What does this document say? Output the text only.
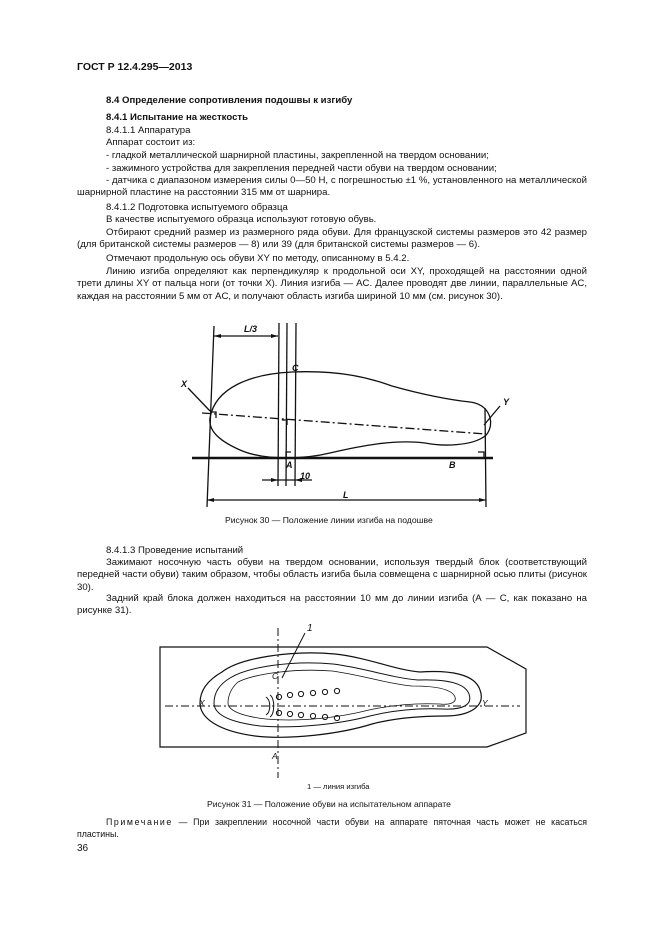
ГОСТ Р 12.4.295—2013
8.4 Определение сопротивления подошвы к изгибу
8.4.1 Испытание на жесткость
8.4.1.1 Аппаратура
Аппарат состоит из:
- гладкой металлической шарнирной пластины, закрепленной на твердом основании;
- зажимного устройства для закрепления передней части обуви на твердом основании;
- датчика с диапазоном измерения силы 0—50 Н, с погрешностью ±1 %, установленного на металлической шарнирной пластине на расстоянии 315 мм от шарнира.
8.4.1.2 Подготовка испытуемого образца
В качестве испытуемого образца используют готовую обувь.
Отбирают средний размер из размерного ряда обуви. Для французской системы размеров это 42 размер (для британской системы размеров — 8) или 39 (для британской системы размеров — 6).
Отмечают продольную ось обуви XY по методу, описанному в 5.4.2.
Линию изгиба определяют как перпендикуляр к продольной оси XY, проходящей на расстоянии одной трети длины XY от пальца ноги (от точки X). Линия изгиба — AC. Далее проводят две линии, параллельные AC, каждая на расстоянии 5 мм от AC, и получают область изгиба шириной 10 мм (см. рисунок 30).
L/3
C
X
Y
A	B
10
L
Рисунок 30 — Положение линии изгиба на подошве
8.4.1.3 Проведение испытаний
Зажимают носочную часть обуви на твердом основании, используя твердый блок (соответствующий передней части обуви) таким образом, чтобы область изгиба была совмещена с шарнирной осью плиты (рисунок 30).
Задний край блока должен находиться на расстоянии 10 мм до линии изгиба (А — С, как показано на рисунке 31).
1
C
X	Y
A
1 — линия изгиба
Рисунок 31 — Положение обуви на испытательном аппарате
Примечание — При закреплении носочной части обуви на аппарате пяточная часть может не касаться пластины.
36
